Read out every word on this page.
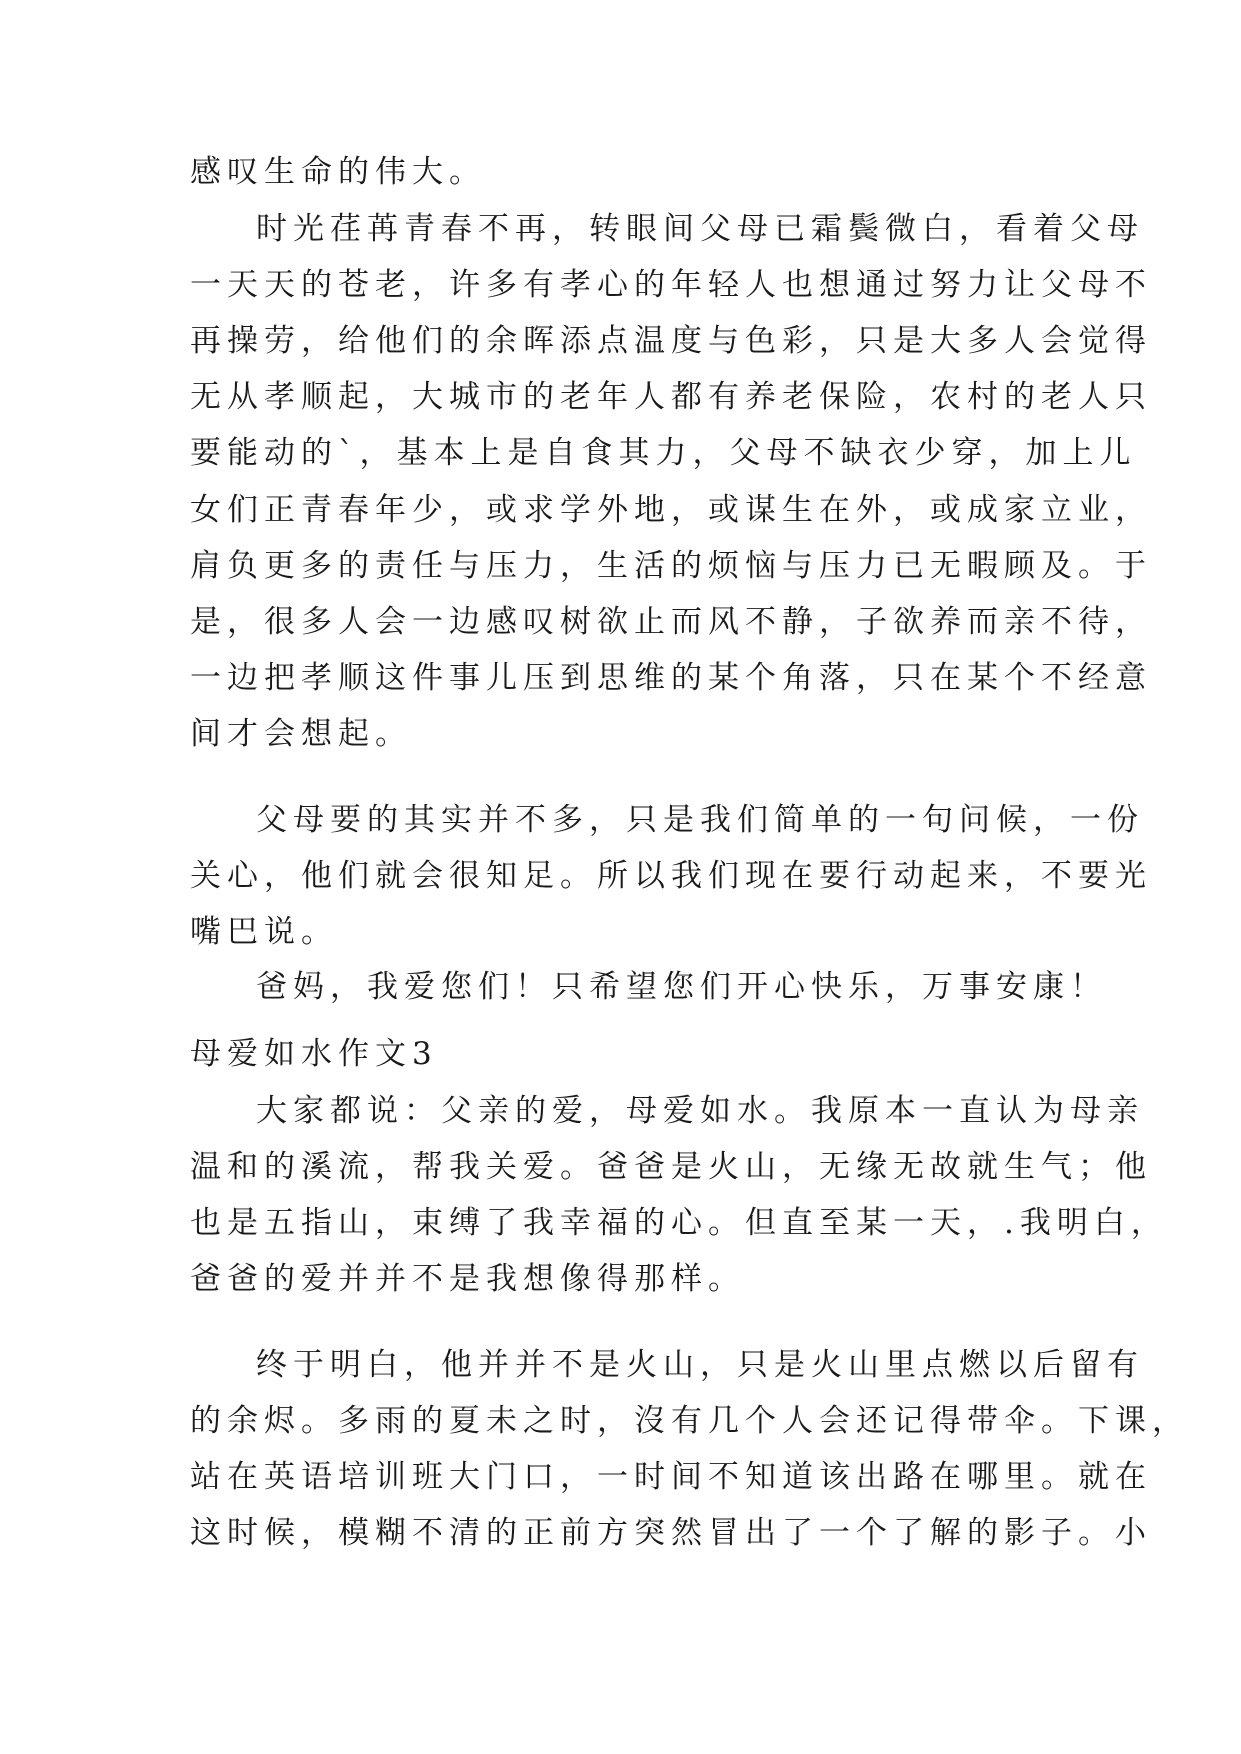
感叹生命的伟大。
时光荏苒青春不再，转眼间父母已霜鬓微白，看着父母
一天天的苍老，许多有孝心的年轻人也想通过努力让父母不
再操劳，给他们的余晖添点温度与色彩，只是大多人会觉得
无从孝顺起，大城市的老年人都有养老保险，农村的老人只
要能动的`，基本上是自食其力，父母不缺衣少穿，加上儿
女们正青春年少，或求学外地，或谋生在外，或成家立业，
肩负更多的责任与压力，生活的烦恼与压力已无暇顾及。于
是，很多人会一边感叹树欲止而风不静，子欲养而亲不待，
一边把孝顺这件事儿压到思维的某个角落，只在某个不经意
间才会想起。
父母要的其实并不多，只是我们简单的一句问候，一份
关心，他们就会很知足。所以我们现在要行动起来，不要光
嘴巴说。
爸妈，我爱您们！只希望您们开心快乐，万事安康！
母爱如水作文3
大家都说：父亲的爱，母爱如水。我原本一直认为母亲
温和的溪流，帮我关爱。爸爸是火山，无缘无故就生气；他
也是五指山，束缚了我幸福的心。但直至某一天，.我明白，
爸爸的爱并并不是我想像得那样。
终于明白，他并并不是火山，只是火山里点燃以后留有
的余烬。多雨的夏未之时，沒有几个人会还记得带伞。下课，
站在英语培训班大门口，一时间不知道该出路在哪里。就在
这时候，模糊不清的正前方突然冒出了一个了解的影子。小
